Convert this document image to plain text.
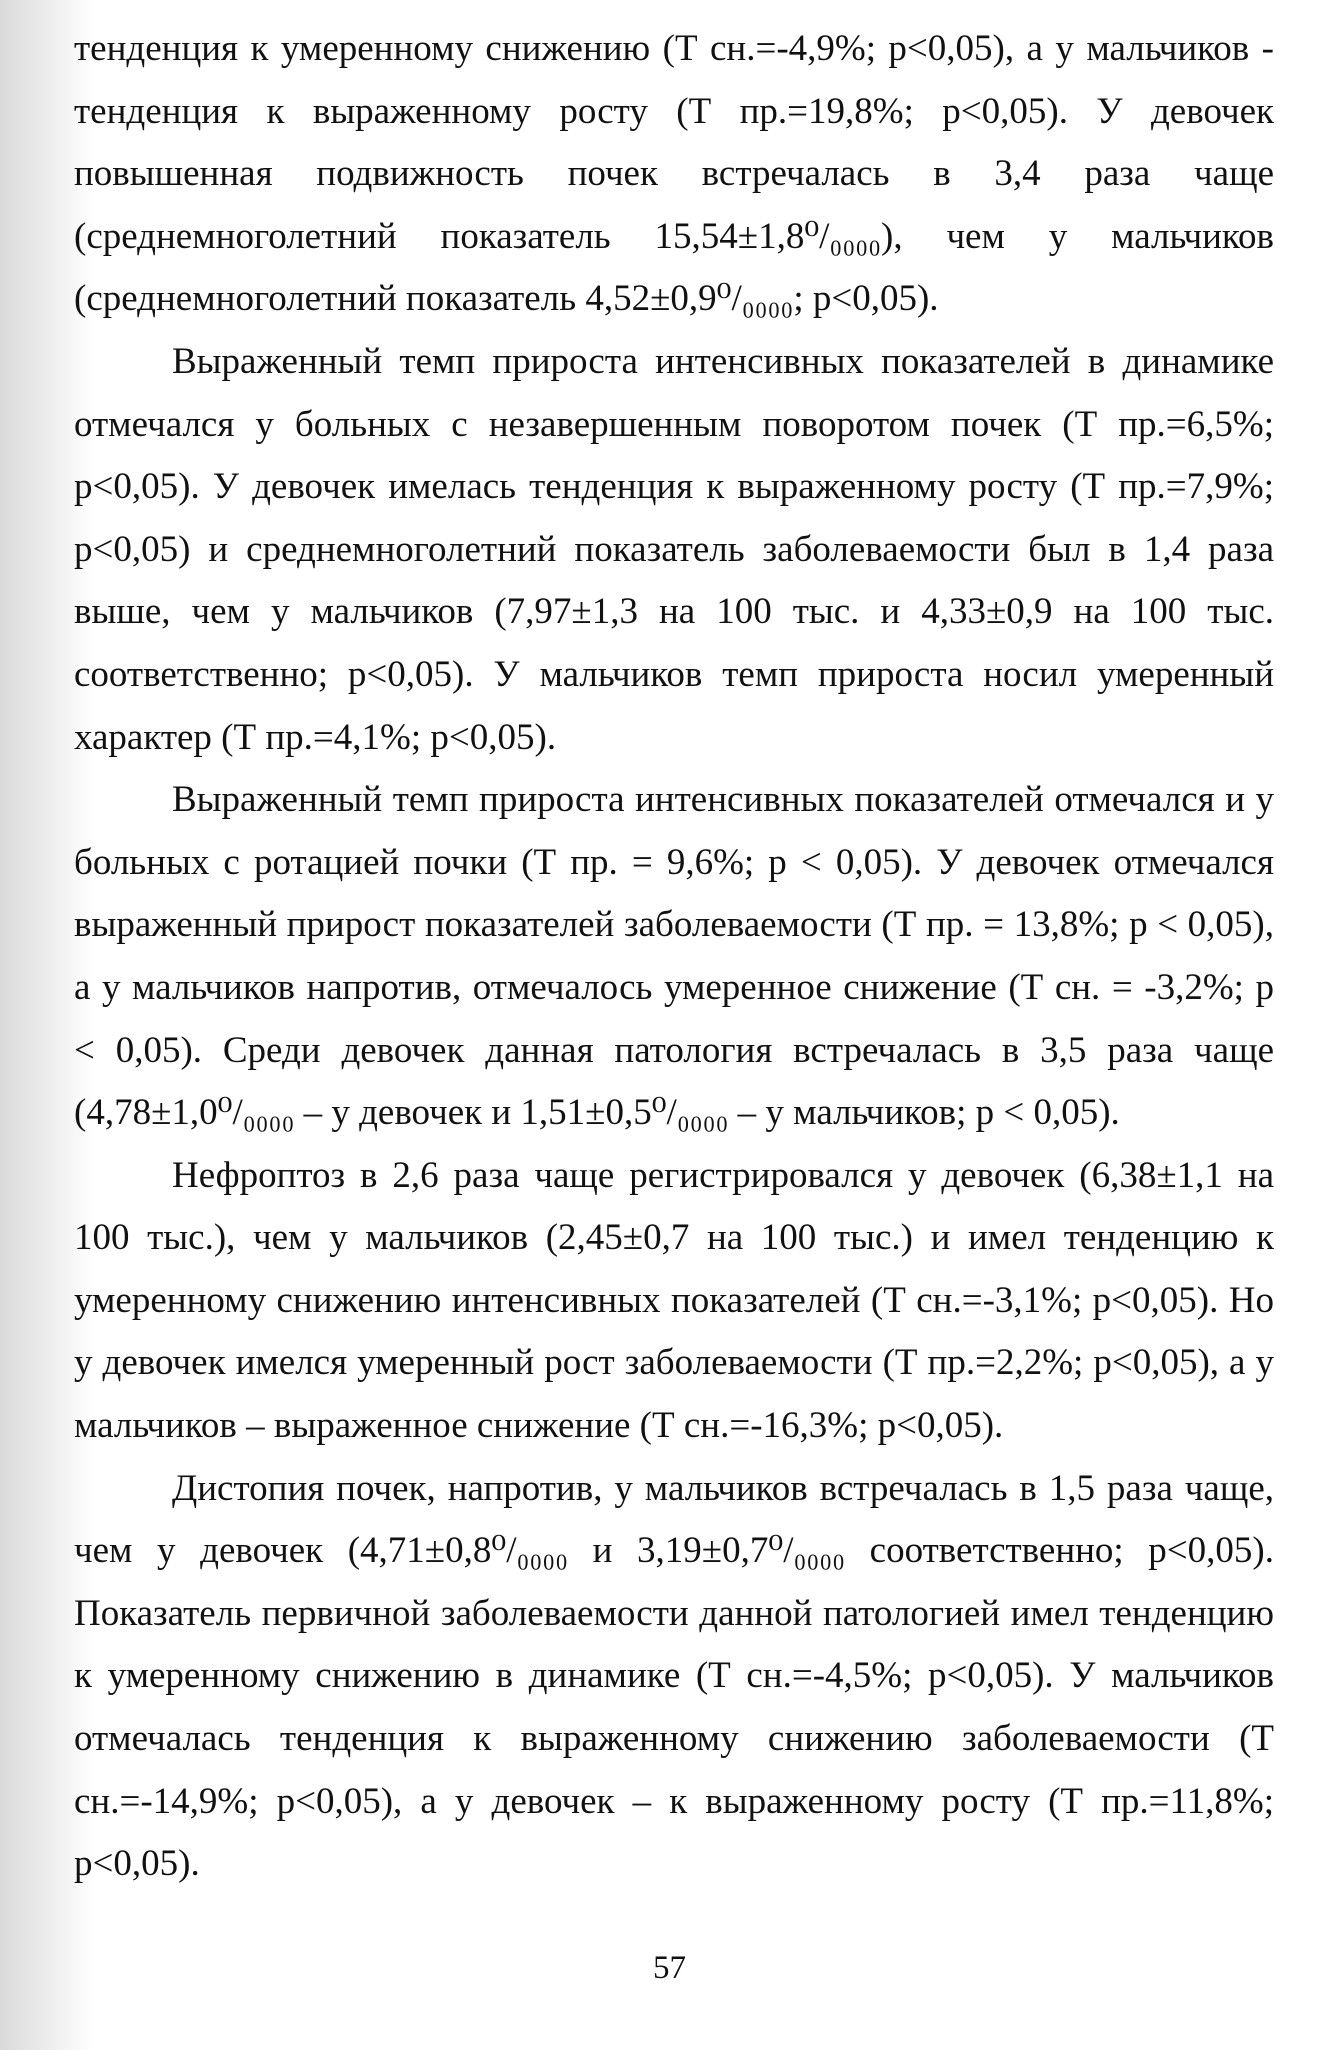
тенденция к умеренному снижению (Т сн.=-4,9%; p<0,05), а у мальчиков - тенденция к выраженному росту (Т пр.=19,8%; p<0,05). У девочек повышенная подвижность почек встречалась в 3,4 раза чаще (среднемноголетний показатель 15,54±1,8⁰/₀₀₀₀), чем у мальчиков (среднемноголетний показатель 4,52±0,9⁰/₀₀₀₀; p<0,05).

Выраженный темп прироста интенсивных показателей в динамике отмечался у больных с незавершенным поворотом почек (Т пр.=6,5%; p<0,05). У девочек имелась тенденция к выраженному росту (Т пр.=7,9%; p<0,05) и среднемноголетний показатель заболеваемости был в 1,4 раза выше, чем у мальчиков (7,97±1,3 на 100 тыс. и 4,33±0,9 на 100 тыс. соответственно; p<0,05). У мальчиков темп прироста носил умеренный характер (Т пр.=4,1%; p<0,05).

Выраженный темп прироста интенсивных показателей отмечался и у больных с ротацией почки (Т пр. = 9,6%; p < 0,05). У девочек отмечался выраженный прирост показателей заболеваемости (Т пр. = 13,8%; p < 0,05), а у мальчиков напротив, отмечалось умеренное снижение (Т сн. = -3,2%; p < 0,05). Среди девочек данная патология встречалась в 3,5 раза чаще (4,78±1,0⁰/₀₀₀₀ – у девочек и 1,51±0,5⁰/₀₀₀₀ – у мальчиков; p < 0,05).

Нефроптоз в 2,6 раза чаще регистрировался у девочек (6,38±1,1 на 100 тыс.), чем у мальчиков (2,45±0,7 на 100 тыс.) и имел тенденцию к умеренному снижению интенсивных показателей (Т сн.=-3,1%; p<0,05). Но у девочек имелся умеренный рост заболеваемости (Т пр.=2,2%; p<0,05), а у мальчиков – выраженное снижение (Т сн.=-16,3%; p<0,05).

Дистопия почек, напротив, у мальчиков встречалась в 1,5 раза чаще, чем у девочек (4,71±0,8⁰/₀₀₀₀ и 3,19±0,7⁰/₀₀₀₀ соответственно; p<0,05). Показатель первичной заболеваемости данной патологией имел тенденцию к умеренному снижению в динамике (Т сн.=-4,5%; p<0,05). У мальчиков отмечалась тенденция к выраженному снижению заболеваемости (Т сн.=-14,9%; p<0,05), а у девочек – к выраженному росту (Т пр.=11,8%; p<0,05).

57
